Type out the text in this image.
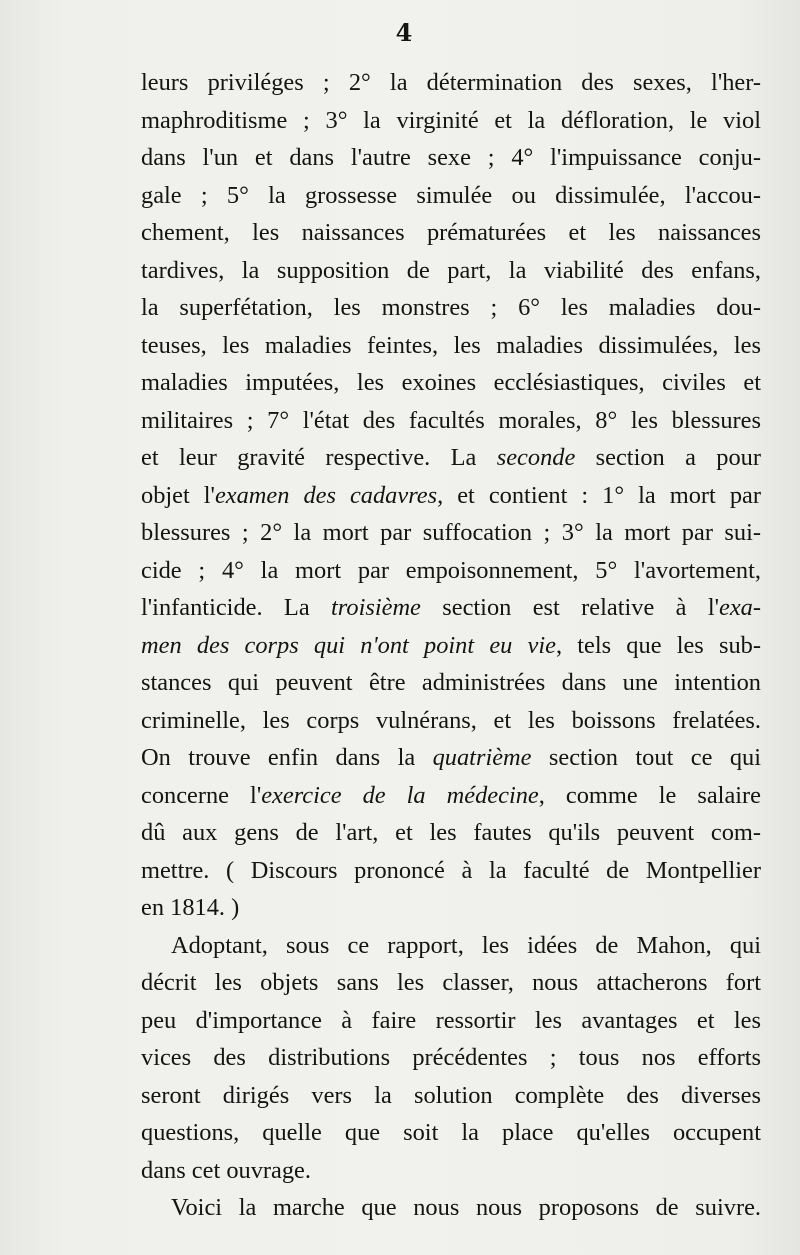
4
leurs priviléges ; 2° la détermination des sexes, l'her-
maphroditisme ; 3° la virginité et la défloration, le viol
dans l'un et dans l'autre sexe ; 4° l'impuissance conju-
gale ; 5° la grossesse simulée ou dissimulée, l'accou-
chement, les naissances prématurées et les naissances
tardives, la supposition de part, la viabilité des enfans,
la superfétation, les monstres ; 6° les maladies dou-
teuses, les maladies feintes, les maladies dissimulées, les
maladies imputées, les exoines ecclésiastiques, civiles et
militaires ; 7° l'état des facultés morales, 8° les blessures
et leur gravité respective. La seconde section a pour
objet l'examen des cadavres, et contient : 1° la mort par
blessures ; 2° la mort par suffocation ; 3° la mort par sui-
cide ; 4° la mort par empoisonnement, 5° l'avortement,
l'infanticide. La troisième section est relative à l'exa-
men des corps qui n'ont point eu vie, tels que les sub-
stances qui peuvent être administrées dans une intention
criminelle, les corps vulnérans, et les boissons frelatées.
On trouve enfin dans la quatrième section tout ce qui
concerne l'exercice de la médecine, comme le salaire
dû aux gens de l'art, et les fautes qu'ils peuvent com-
mettre. ( Discours prononcé à la faculté de Montpellier
en 1814. )
Adoptant, sous ce rapport, les idées de Mahon, qui
décrit les objets sans les classer, nous attacherons fort
peu d'importance à faire ressortir les avantages et les
vices des distributions précédentes ; tous nos efforts
seront dirigés vers la solution complète des diverses
questions, quelle que soit la place qu'elles occupent
dans cet ouvrage.
Voici la marche que nous nous proposons de suivre.
